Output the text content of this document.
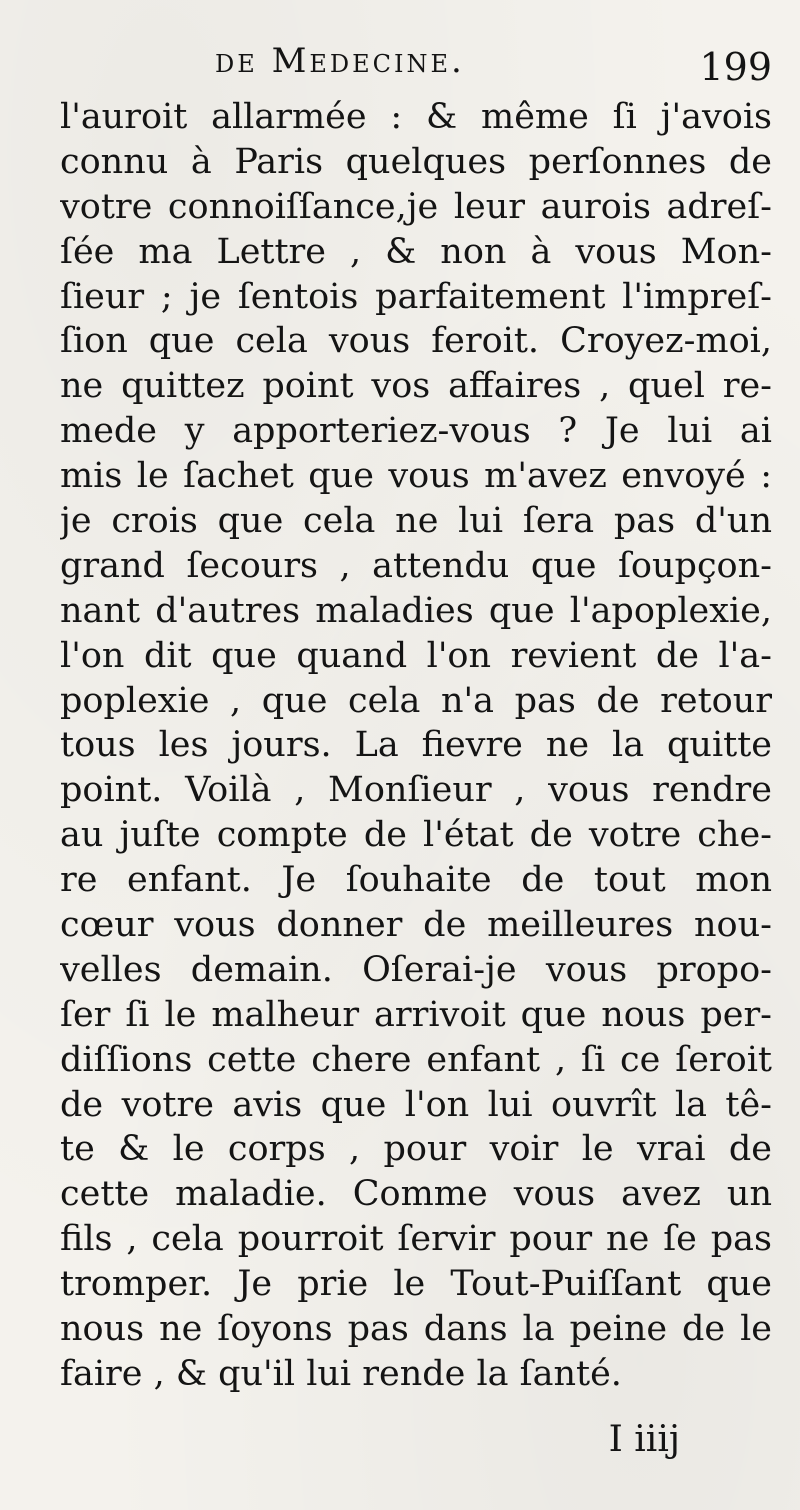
de Medecine.	199
l'auroit allarmée : & même ſi j'avois
connu à Paris quelques perſonnes de
votre connoiſſance,je leur aurois adreſ-
ſée ma Lettre , & non à vous Mon-
ſieur ; je ſentois parfaitement l'impreſ-
ſion que cela vous feroit. Croyez-moi,
ne quittez point vos affaires , quel re-
mede y apporteriez-vous ? Je lui ai
mis le ſachet que vous m'avez envoyé :
je crois que cela ne lui ſera pas d'un
grand ſecours , attendu que ſoupçon-
nant d'autres maladies que l'apoplexie,
l'on dit que quand l'on revient de l'a-
poplexie , que cela n'a pas de retour
tous les jours. La fievre ne la quitte
point. Voilà , Monſieur , vous rendre
au juſte compte de l'état de votre che-
re enfant. Je ſouhaite de tout mon
cœur vous donner de meilleures nou-
velles demain. Oſerai-je vous propo-
ſer ſi le malheur arrivoit que nous per-
diſſions cette chere enfant , ſi ce ſeroit
de votre avis que l'on lui ouvrît la tê-
te & le corps , pour voir le vrai de
cette maladie. Comme vous avez un
fils , cela pourroit ſervir pour ne ſe pas
tromper. Je prie le Tout-Puiſſant que
nous ne ſoyons pas dans la peine de le
faire , & qu'il lui rende la ſanté.
I iiij
